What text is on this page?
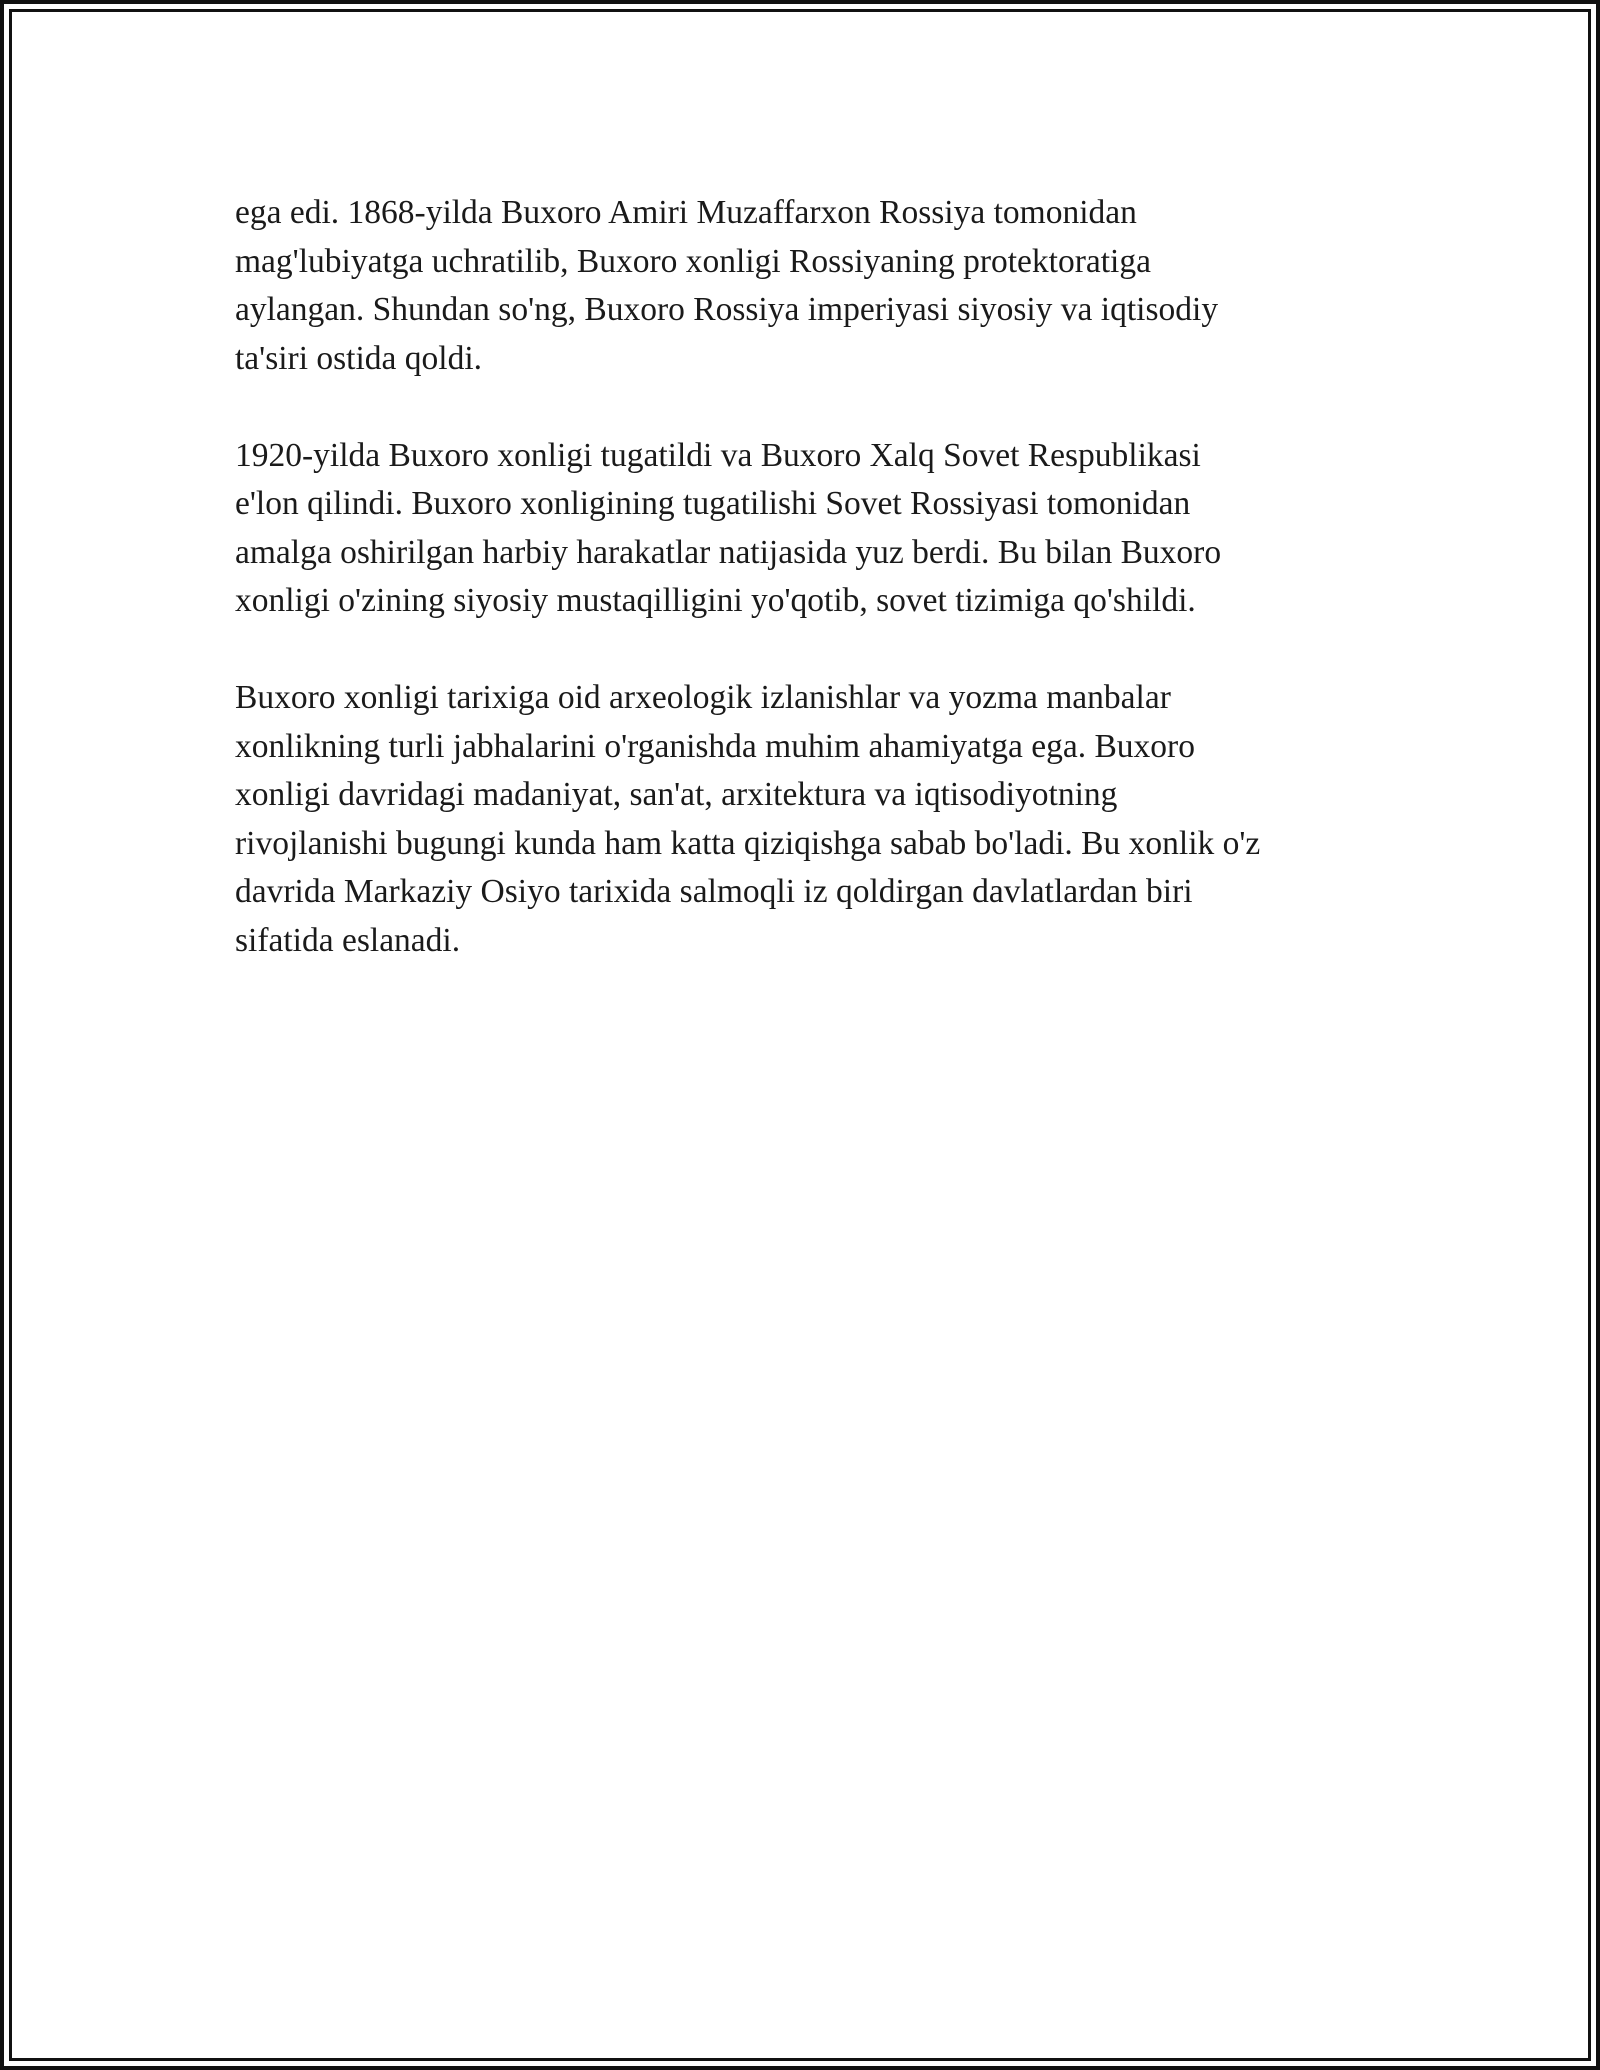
ega edi. 1868-yilda Buxoro Amiri Muzaffarxon Rossiya tomonidan
mag'lubiyatga uchratilib, Buxoro xonligi Rossiyaning protektoratiga
aylangan. Shundan so'ng, Buxoro Rossiya imperiyasi siyosiy va iqtisodiy
ta'siri ostida qoldi.
1920-yilda Buxoro xonligi tugatildi va Buxoro Xalq Sovet Respublikasi
e'lon qilindi. Buxoro xonligining tugatilishi Sovet Rossiyasi tomonidan
amalga oshirilgan harbiy harakatlar natijasida yuz berdi. Bu bilan Buxoro
xonligi o'zining siyosiy mustaqilligini yo'qotib, sovet tizimiga qo'shildi.
Buxoro xonligi tarixiga oid arxeologik izlanishlar va yozma manbalar
xonlikning turli jabhalarini o'rganishda muhim ahamiyatga ega. Buxoro
xonligi davridagi madaniyat, san'at, arxitektura va iqtisodiyotning
rivojlanishi bugungi kunda ham katta qiziqishga sabab bo'ladi. Bu xonlik o'z
davrida Markaziy Osiyo tarixida salmoqli iz qoldirgan davlatlardan biri
sifatida eslanadi.
